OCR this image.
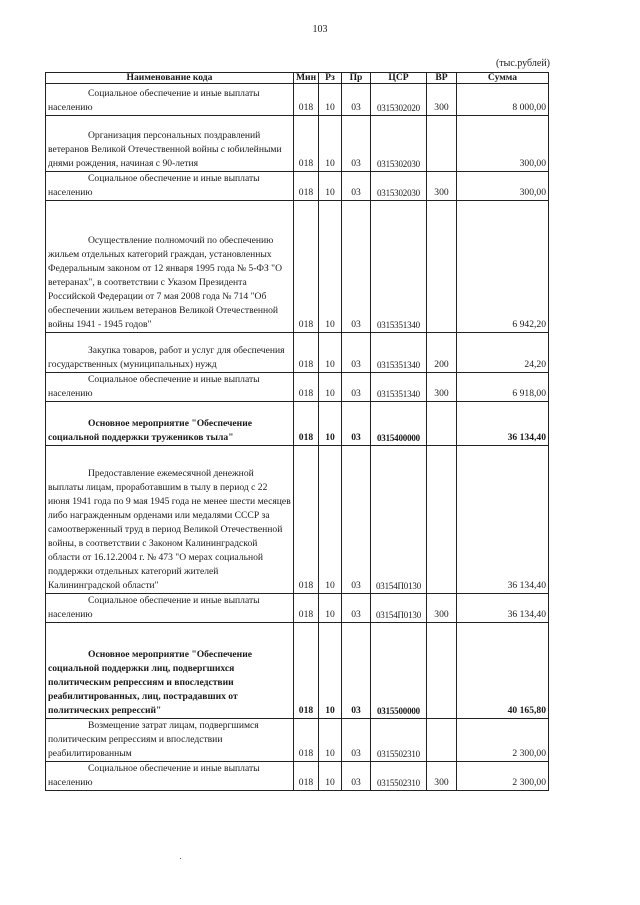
103
(тыс.рублей)
Наименование кода	Мин	Рз	Пр	ЦСР	ВР	Сумма

Социальное обеспечение и иные выплаты населению	018	10	03	0315302020	300	8 000,00

Организация персональных поздравлений ветеранов Великой Отечественной войны с юбилейными днями рождения, начиная с 90-летия	018	10	03	0315302030		300,00

Социальное обеспечение и иные выплаты населению	018	10	03	0315302030	300	300,00

Осуществление полномочий по обеспечению жильем отдельных категорий граждан, установленных Федеральным законом от 12 января 1995 года № 5-ФЗ "О ветеранах", в соответствии с Указом Президента Российской Федерации от 7 мая 2008 года № 714 "Об обеспечении жильем ветеранов Великой Отечественной войны 1941 - 1945 годов"	018	10	03	0315351340		6 942,20

Закупка товаров, работ и услуг для обеспечения государственных (муниципальных) нужд	018	10	03	0315351340	200	24,20

Социальное обеспечение и иные выплаты населению	018	10	03	0315351340	300	6 918,00

Основное мероприятие "Обеспечение социальной поддержки тружеников тыла"	018	10	03	0315400000		36 134,40

Предоставление ежемесячной денежной выплаты лицам, проработавшим в тылу в период с 22 июня 1941 года по 9 мая 1945 года не менее шести месяцев либо награжденным орденами или медалями СССР за самоотверженный труд в период Великой Отечественной войны, в соответствии с Законом Калининградской области от 16.12.2004 г. № 473 "О мерах социальной поддержки отдельных категорий жителей Калининградской области"	018	10	03	03154П0130		36 134,40

Социальное обеспечение и иные выплаты населению	018	10	03	03154П0130	300	36 134,40

Основное мероприятие "Обеспечение социальной поддержки лиц, подвергшихся политическим репрессиям и впоследствии реабилитированных, лиц, пострадавших от политических репрессий"	018	10	03	0315500000		40 165,80

Возмещение затрат лицам, подвергшимся политическим репрессиям и впоследствии реабилитированным	018	10	03	0315502310		2 300,00

Социальное обеспечение и иные выплаты населению	018	10	03	0315502310	300	2 300,00
